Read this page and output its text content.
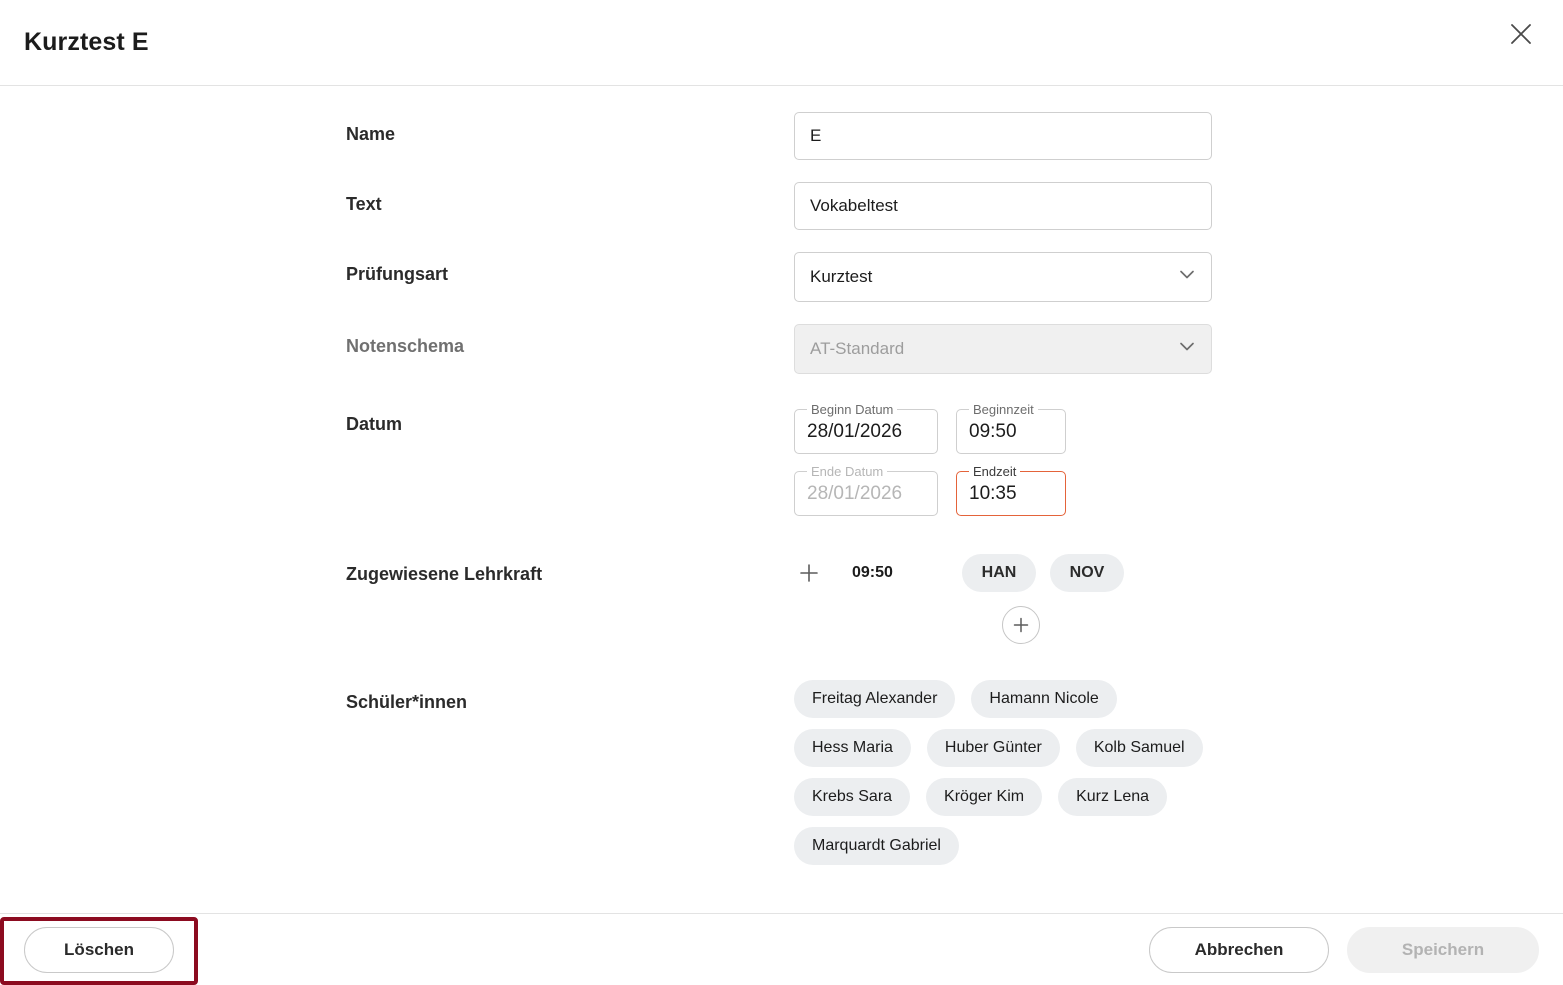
Kurztest E
Name
E
Text
Vokabeltest
Prüfungsart	Kurztest
Notenschema	AT-Standard
Datum
Beginn Datum
28/01/2026
Beginnzeit
09:50
Ende Datum
28/01/2026
Endzeit
10:35
Zugewiesene Lehrkraft	09:50	HAN	NOV
Schüler*innen	Freitag Alexander	Hamann Nicole
Hess Maria	Huber Günter	Kolb Samuel
Krebs Sara	Kröger Kim	Kurz Lena
Marquardt Gabriel
Löschen	Abbrechen	Speichern
